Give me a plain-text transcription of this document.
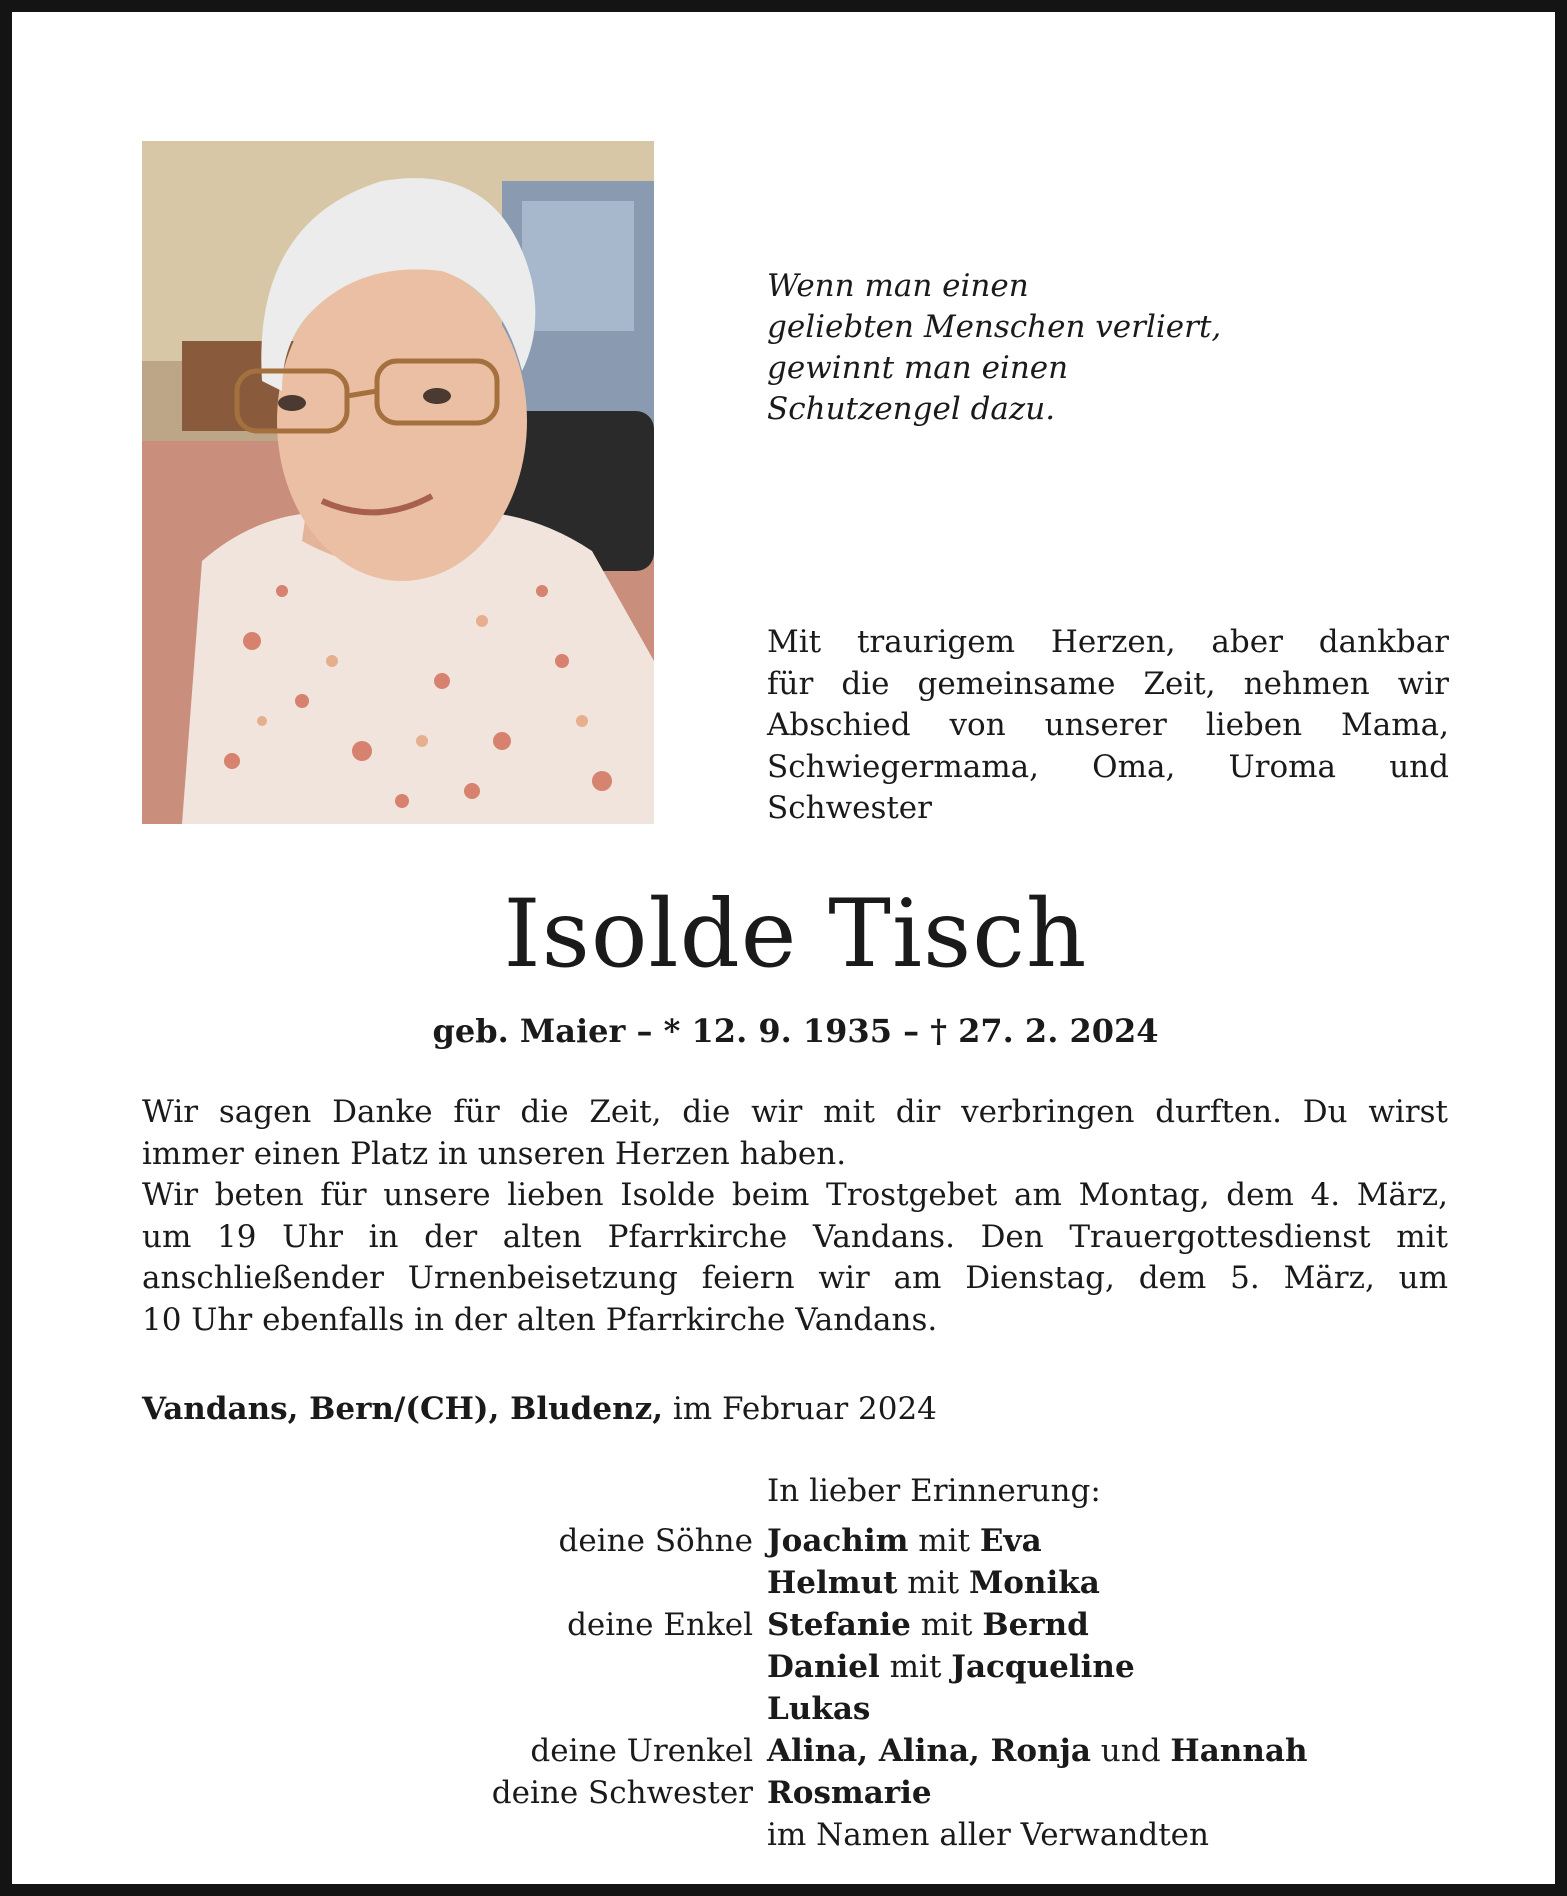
Wenn man einen
geliebten Menschen verliert,
gewinnt man einen
Schutzengel dazu.
Mit traurigem Herzen, aber dankbar
für die gemeinsame Zeit, nehmen wir
Abschied von unserer lieben Mama,
Schwiegermama, Oma, Uroma und
Schwester
Isolde Tisch
geb. Maier – * 12. 9. 1935 – † 27. 2. 2024
Wir sagen Danke für die Zeit, die wir mit dir verbringen durften. Du wirst
immer einen Platz in unseren Herzen haben.
Wir beten für unsere lieben Isolde beim Trostgebet am Montag, dem 4. März,
um 19 Uhr in der alten Pfarrkirche Vandans. Den Trauergottesdienst mit
anschließender Urnenbeisetzung feiern wir am Dienstag, dem 5. März, um
10 Uhr ebenfalls in der alten Pfarrkirche Vandans.
Vandans, Bern/(CH), Bludenz, im Februar 2024
In lieber Erinnerung:
deine Söhne Joachim mit Eva
Helmut mit Monika
deine Enkel Stefanie mit Bernd
Daniel mit Jacqueline
Lukas
deine Urenkel Alina, Alina, Ronja und Hannah
deine Schwester Rosmarie
im Namen aller Verwandten
